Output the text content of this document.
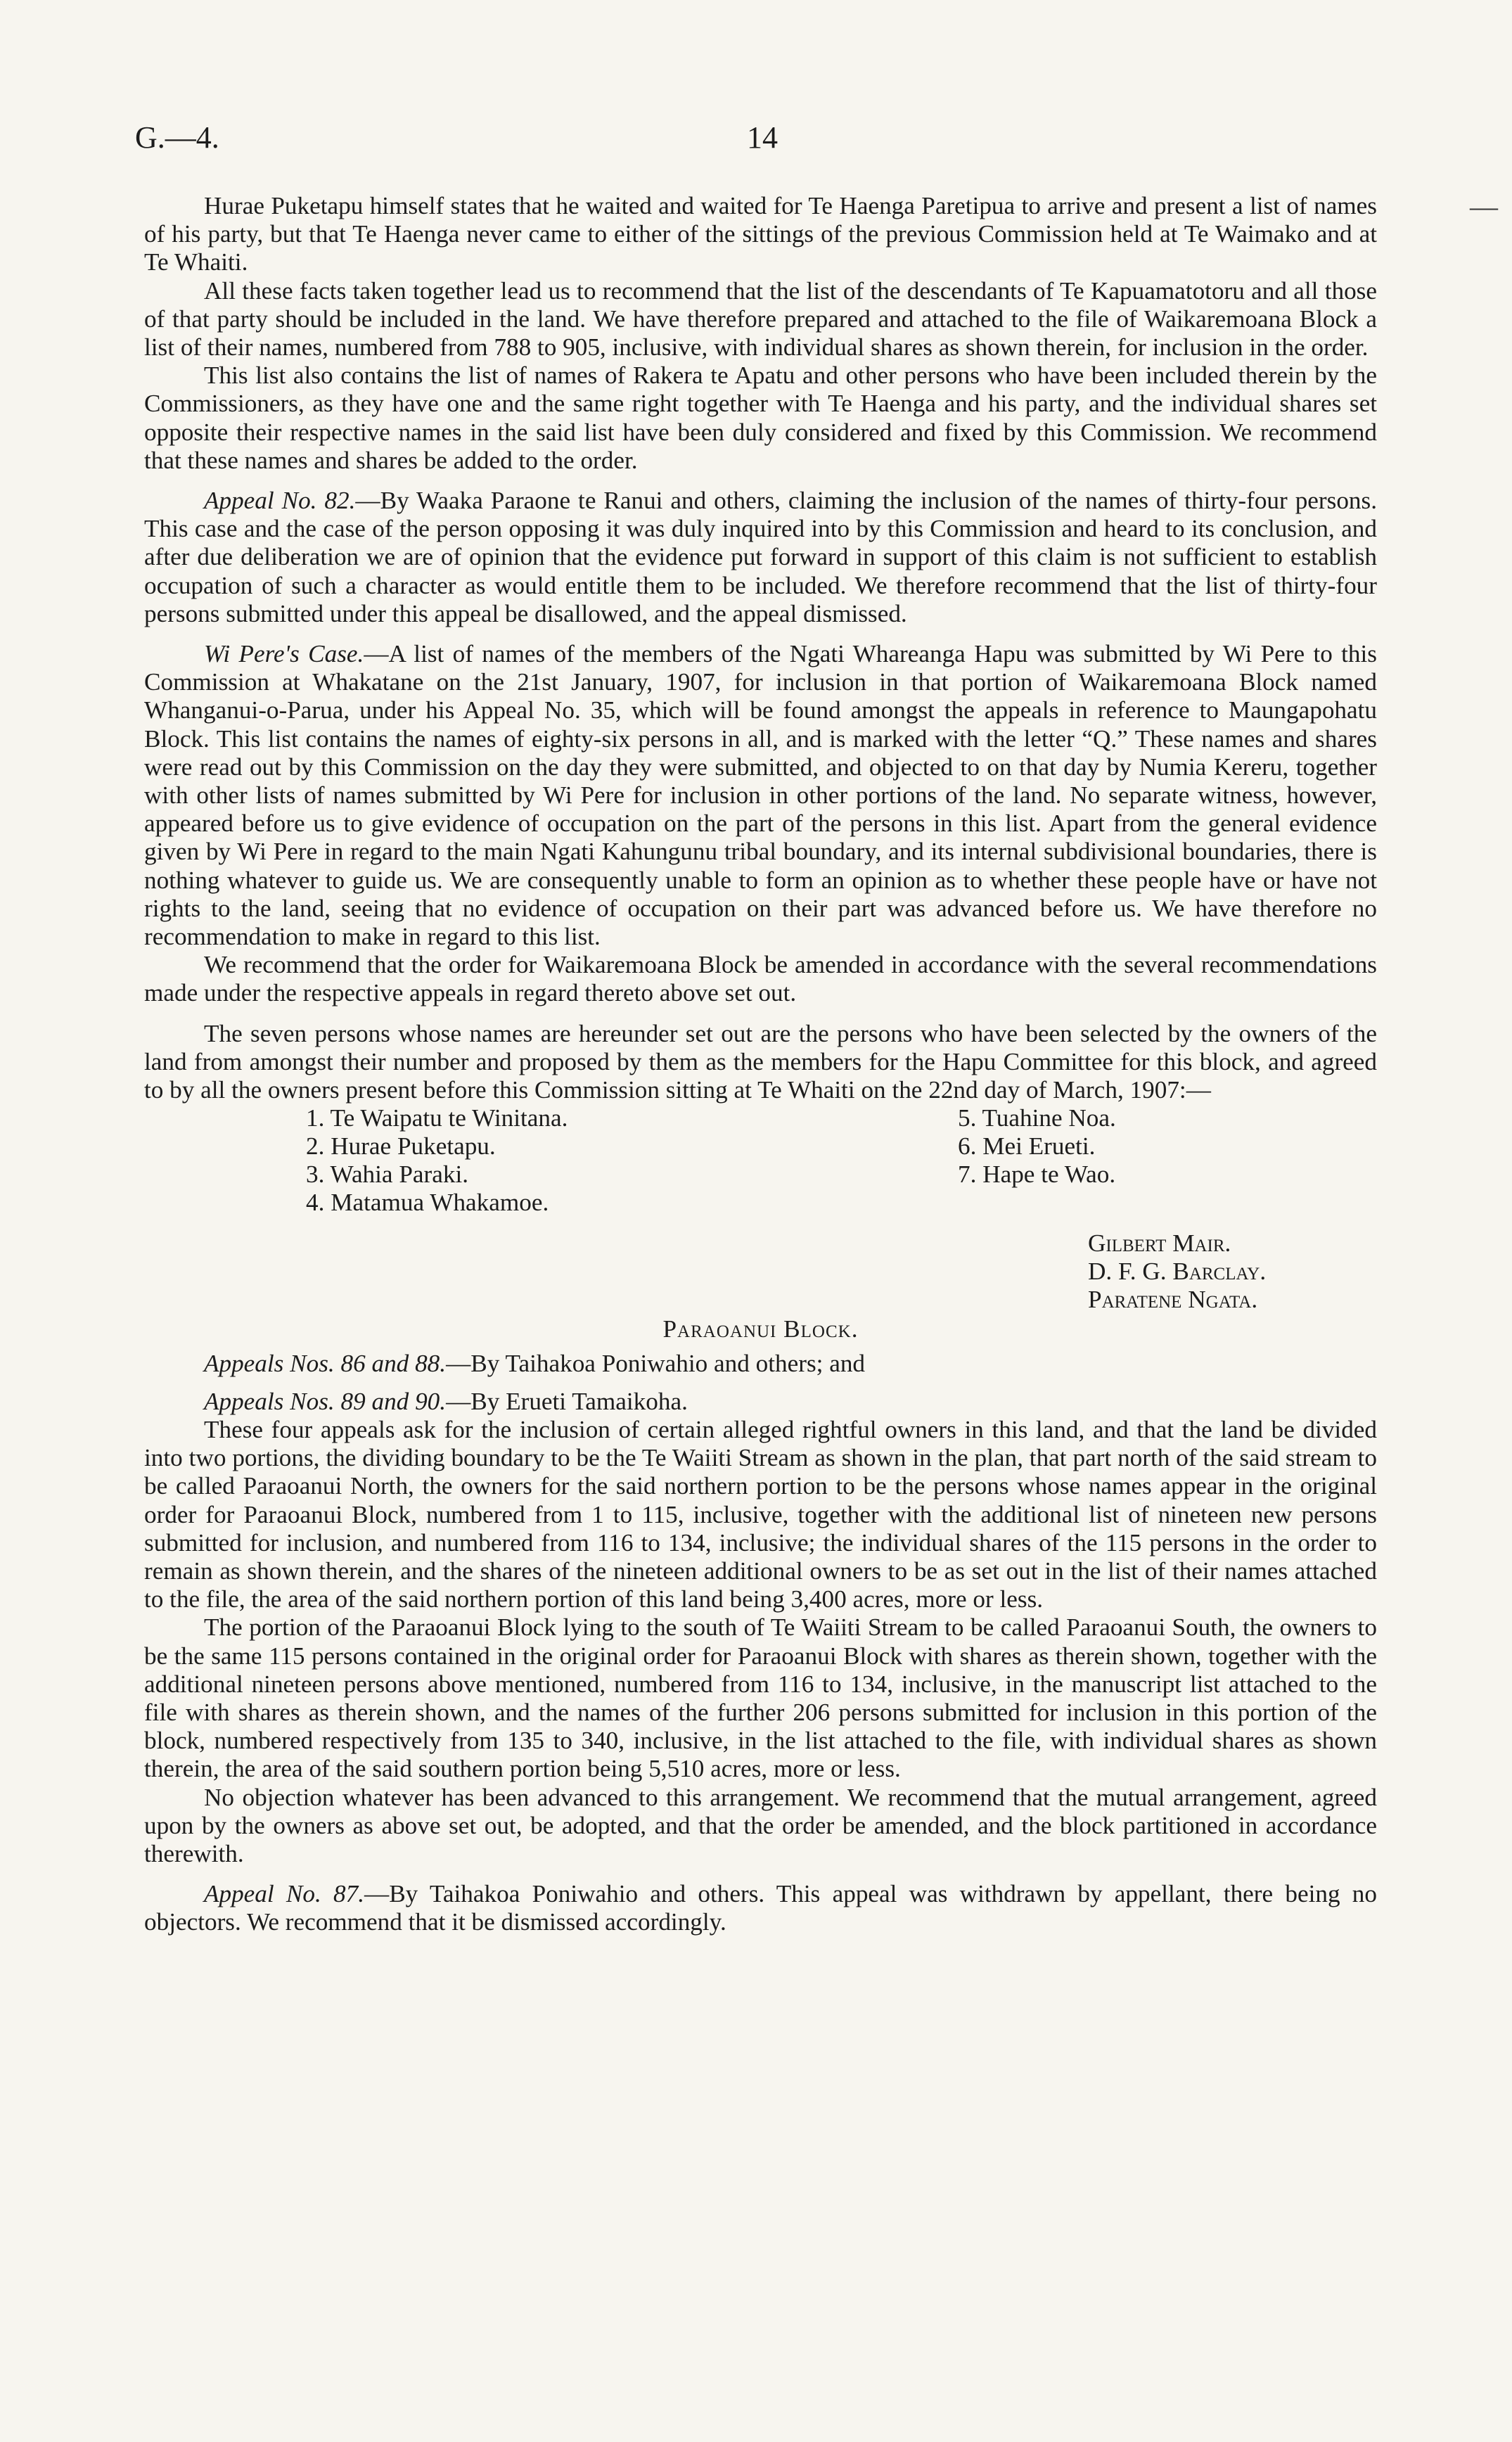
G.—4.	14
—

Hurae Puketapu himself states that he waited and waited for Te Haenga Paretipua to arrive and present a list of names of his party, but that Te Haenga never came to either of the sittings of the previous Commission held at Te Waimako and at Te Whaiti.

All these facts taken together lead us to recommend that the list of the descendants of Te Kapuamatotoru and all those of that party should be included in the land. We have therefore prepared and attached to the file of Waikaremoana Block a list of their names, numbered from 788 to 905, inclusive, with individual shares as shown therein, for inclusion in the order.

This list also contains the list of names of Rakera te Apatu and other persons who have been included therein by the Commissioners, as they have one and the same right together with Te Haenga and his party, and the individual shares set opposite their respective names in the said list have been duly considered and fixed by this Commission. We recommend that these names and shares be added to the order.

Appeal No. 82.—By Waaka Paraone te Ranui and others, claiming the inclusion of the names of thirty-four persons. This case and the case of the person opposing it was duly inquired into by this Commission and heard to its conclusion, and after due deliberation we are of opinion that the evidence put forward in support of this claim is not sufficient to establish occupation of such a character as would entitle them to be included. We therefore recommend that the list of thirty-four persons submitted under this appeal be disallowed, and the appeal dismissed.

Wi Pere's Case.—A list of names of the members of the Ngati Whareanga Hapu was submitted by Wi Pere to this Commission at Whakatane on the 21st January, 1907, for inclusion in that portion of Waikaremoana Block named Whanganui-o-Parua, under his Appeal No. 35, which will be found amongst the appeals in reference to Maungapohatu Block. This list contains the names of eighty-six persons in all, and is marked with the letter “Q.” These names and shares were read out by this Commission on the day they were submitted, and objected to on that day by Numia Kereru, together with other lists of names submitted by Wi Pere for inclusion in other portions of the land. No separate witness, however, appeared before us to give evidence of occupation on the part of the persons in this list. Apart from the general evidence given by Wi Pere in regard to the main Ngati Kahungunu tribal boundary, and its internal subdivisional boundaries, there is nothing whatever to guide us. We are consequently unable to form an opinion as to whether these people have or have not rights to the land, seeing that no evidence of occupation on their part was advanced before us. We have therefore no recommendation to make in regard to this list.

We recommend that the order for Waikaremoana Block be amended in accordance with the several recommendations made under the respective appeals in regard thereto above set out.

The seven persons whose names are hereunder set out are the persons who have been selected by the owners of the land from amongst their number and proposed by them as the members for the Hapu Committee for this block, and agreed to by all the owners present before this Commission sitting at Te Whaiti on the 22nd day of March, 1907:—

1. Te Waipatu te Winitana.
2. Hurae Puketapu.
3. Wahia Paraki.
4. Matamua Whakamoe.
5. Tuahine Noa.
6. Mei Erueti.
7. Hape te Wao.
Gilbert Mair.
D. F. G. Barclay.
Paratene Ngata.
Paraoanui Block.

Appeals Nos. 86 and 88.—By Taihakoa Poniwahio and others; and

Appeals Nos. 89 and 90.—By Erueti Tamaikoha.

These four appeals ask for the inclusion of certain alleged rightful owners in this land, and that the land be divided into two portions, the dividing boundary to be the Te Waiiti Stream as shown in the plan, that part north of the said stream to be called Paraoanui North, the owners for the said northern portion to be the persons whose names appear in the original order for Paraoanui Block, numbered from 1 to 115, inclusive, together with the additional list of nineteen new persons submitted for inclusion, and numbered from 116 to 134, inclusive; the individual shares of the 115 persons in the order to remain as shown therein, and the shares of the nineteen additional owners to be as set out in the list of their names attached to the file, the area of the said northern portion of this land being 3,400 acres, more or less.

The portion of the Paraoanui Block lying to the south of Te Waiiti Stream to be called Paraoanui South, the owners to be the same 115 persons contained in the original order for Paraoanui Block with shares as therein shown, together with the additional nineteen persons above mentioned, numbered from 116 to 134, inclusive, in the manuscript list attached to the file with shares as therein shown, and the names of the further 206 persons submitted for inclusion in this portion of the block, numbered respectively from 135 to 340, inclusive, in the list attached to the file, with individual shares as shown therein, the area of the said southern portion being 5,510 acres, more or less.

No objection whatever has been advanced to this arrangement. We recommend that the mutual arrangement, agreed upon by the owners as above set out, be adopted, and that the order be amended, and the block partitioned in accordance therewith.

Appeal No. 87.—By Taihakoa Poniwahio and others. This appeal was withdrawn by appellant, there being no objectors. We recommend that it be dismissed accordingly.
